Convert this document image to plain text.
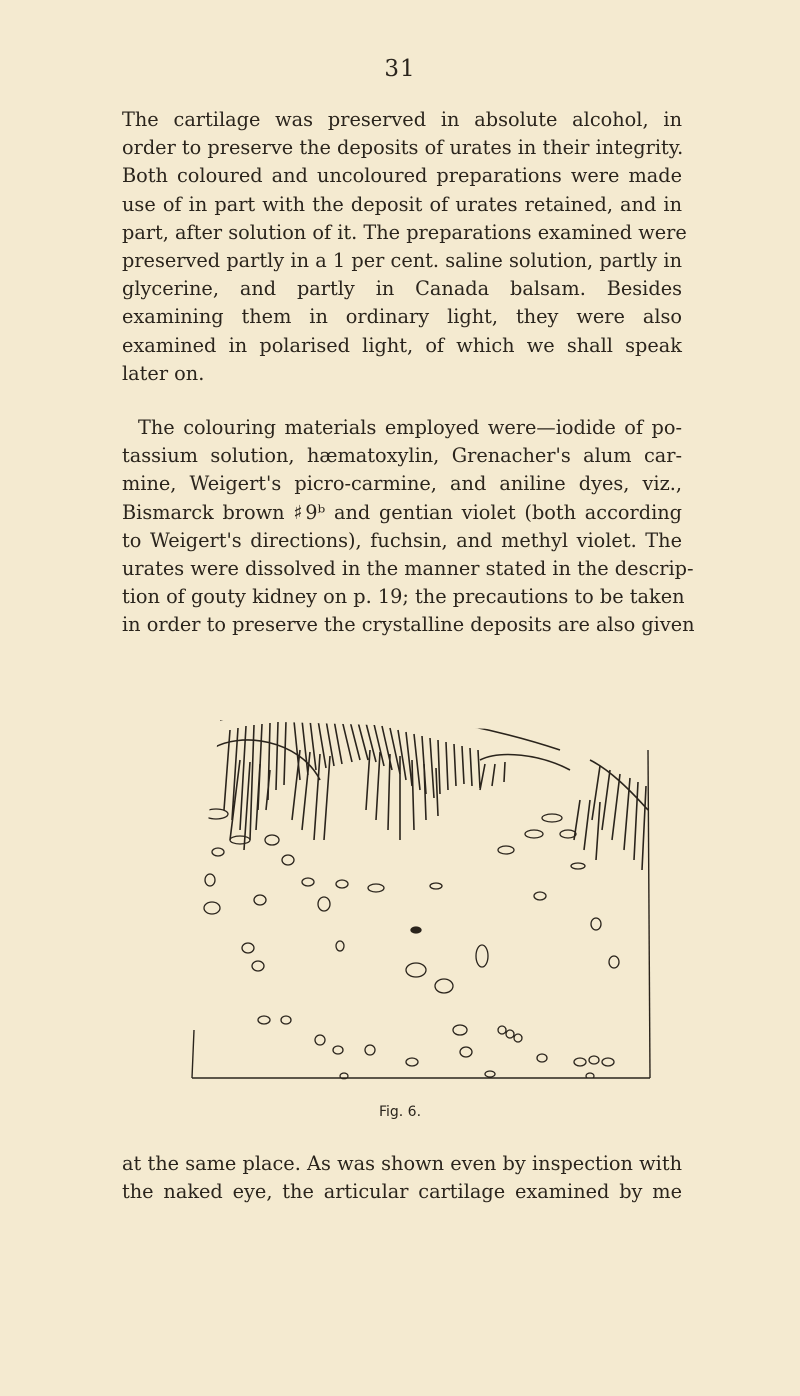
31
The cartilage was preserved in absolute alcohol, in
order to preserve the deposits of urates in their integrity.
Both coloured and uncoloured preparations were made
use of in part with the deposit of urates retained, and in
part, after solution of it. The preparations examined were
preserved partly in a 1 per cent. saline solution, partly in
glycerine, and partly in Canada balsam. Besides
examining them in ordinary light, they were also
examined in polarised light, of which we shall speak
later on.
The colouring materials employed were—iodide of po-
tassium solution, hæmatoxylin, Grenacher's alum car-
mine, Weigert's picro-carmine, and aniline dyes, viz.,
Bismarck brown ♯9ᵇ and gentian violet (both according
to Weigert's directions), fuchsin, and methyl violet. The
urates were dissolved in the manner stated in the descrip-
tion of gouty kidney on p. 19; the precautions to be taken
in order to preserve the crystalline deposits are also given
Fig. 6.
at the same place. As was shown even by inspection with
the naked eye, the articular cartilage examined by me
